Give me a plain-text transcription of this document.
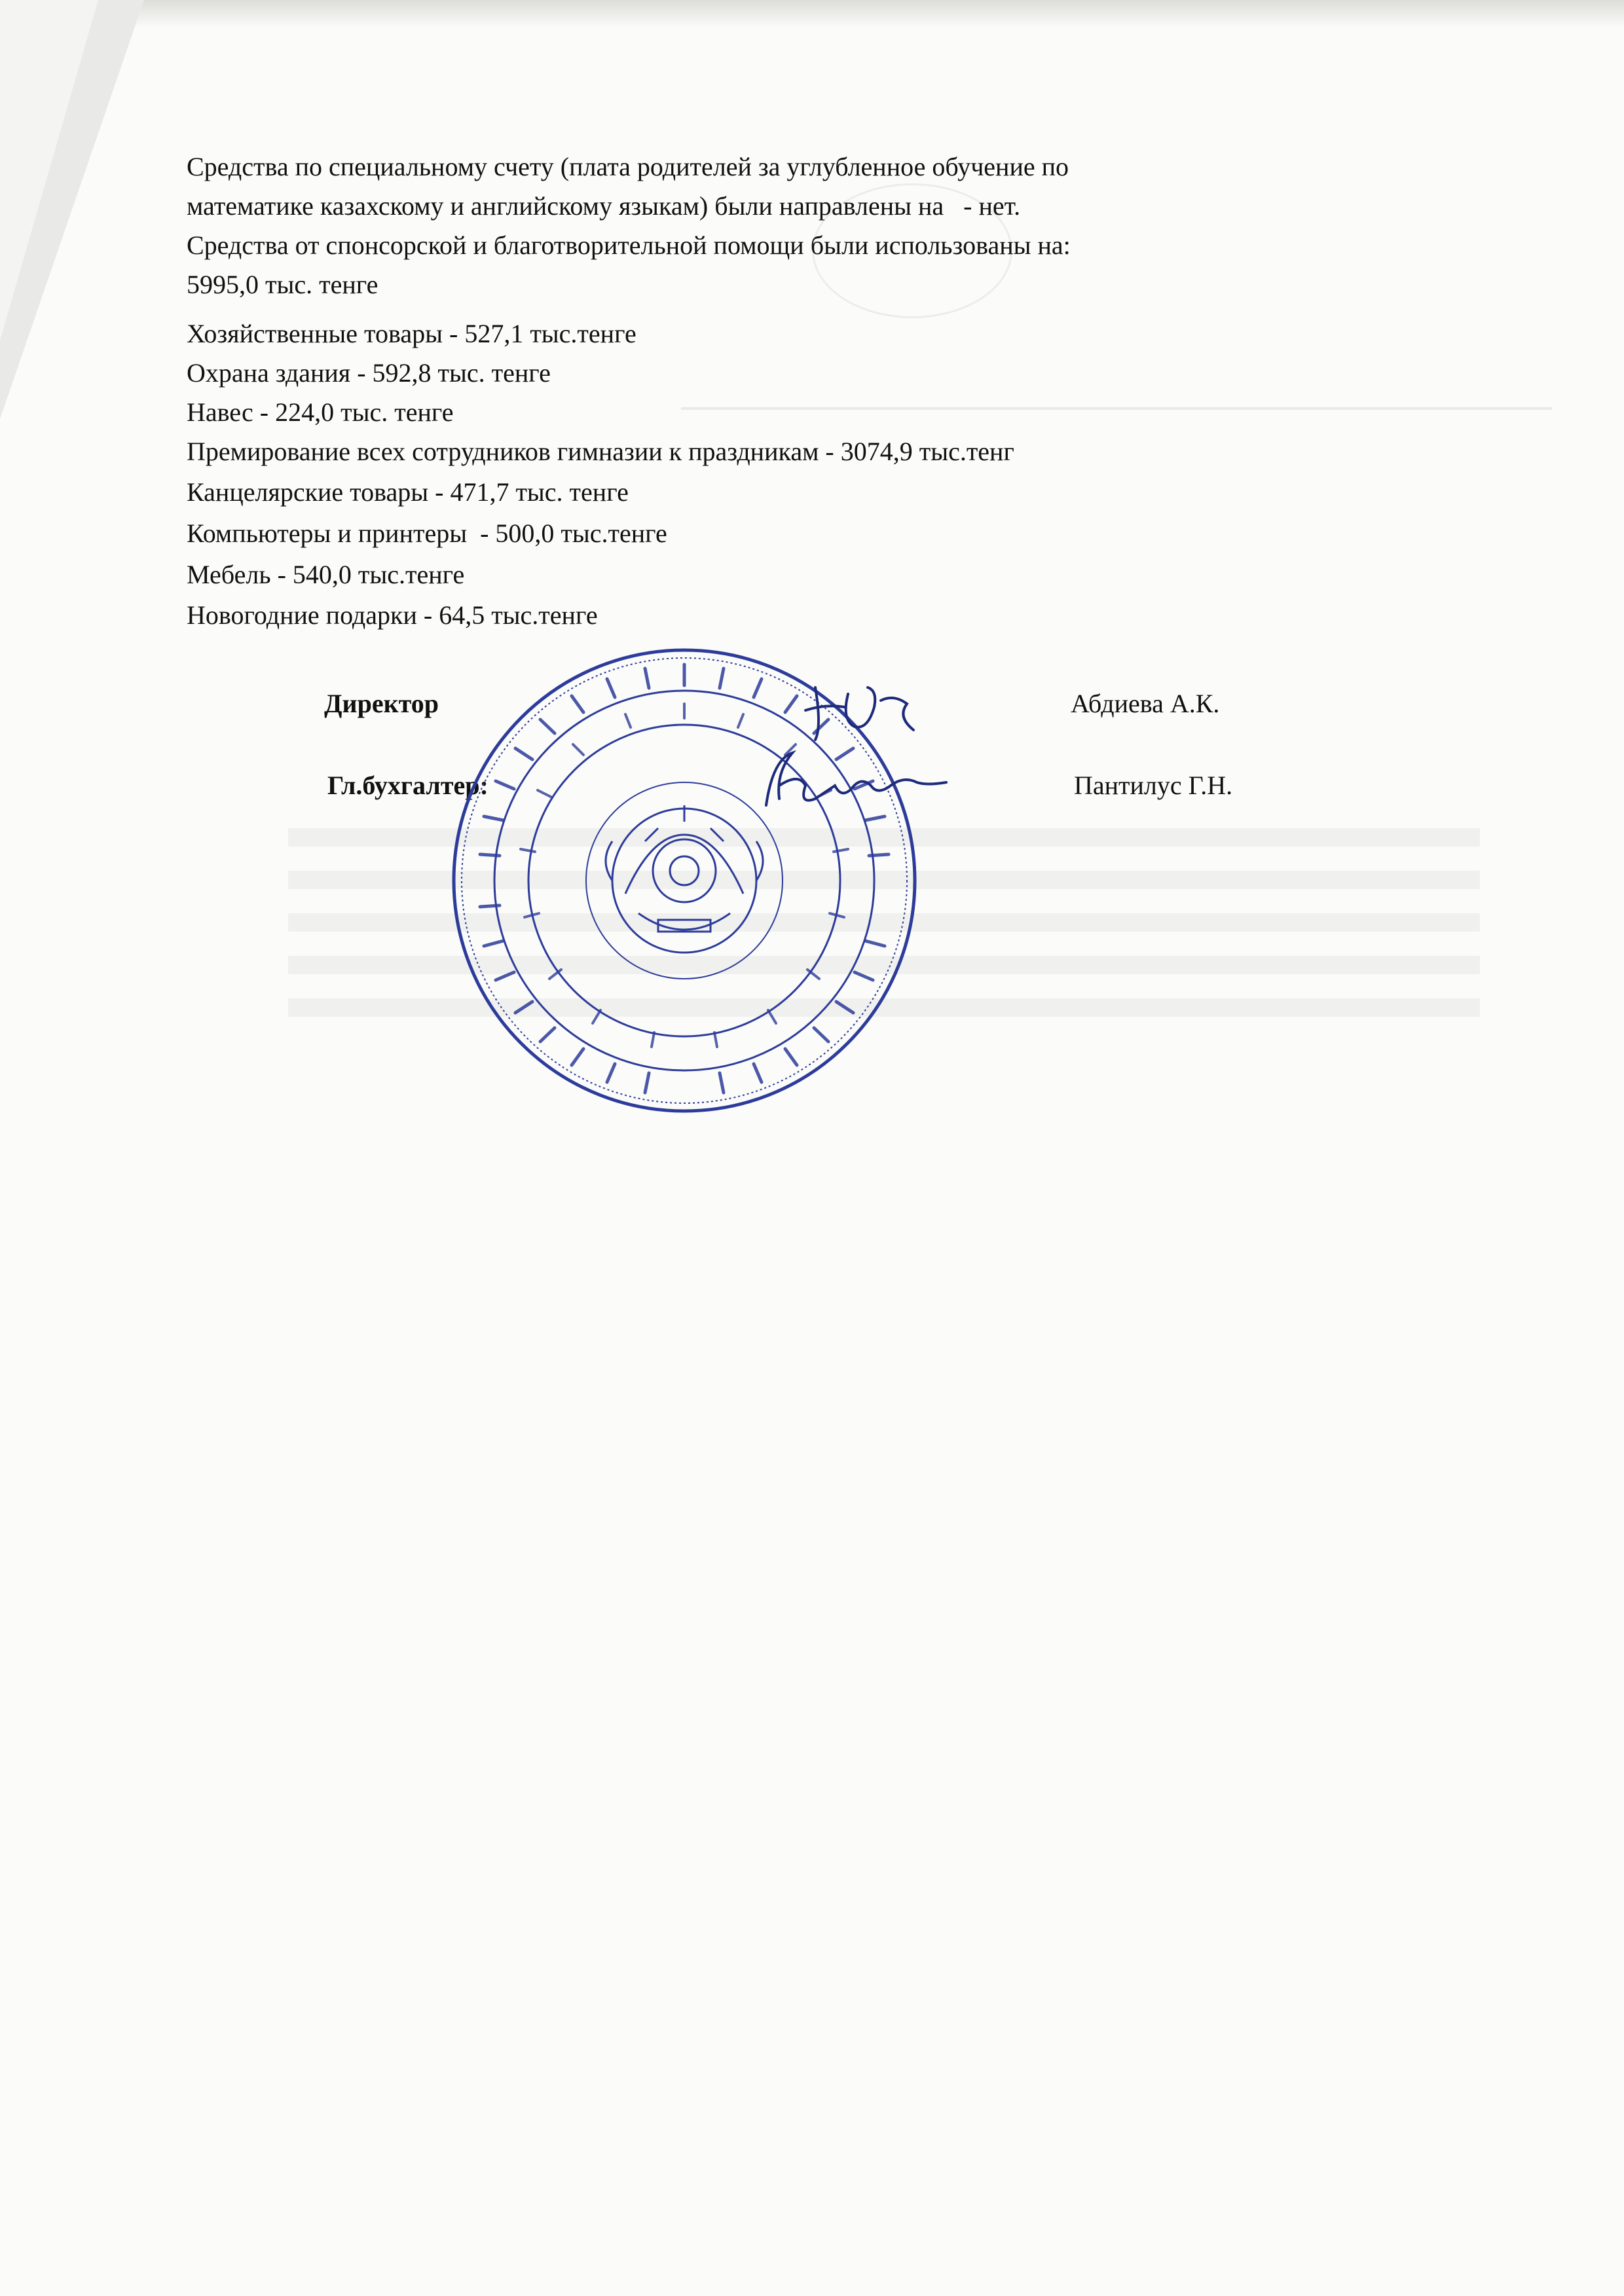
Средства по специальному счету (плата родителей за углубленное обучение по
математике казахскому и английскому языкам) были направлены на   - нет.
Средства от спонсорской и благотворительной помощи были использованы на:
5995,0 тыс. тенге
Хозяйственные товары - 527,1 тыс.тенге
Охрана здания - 592,8 тыс. тенге
Навес - 224,0 тыс. тенге
Премирование всех сотрудников гимназии к праздникам - 3074,9 тыс.тенг
Канцелярские товары - 471,7 тыс. тенге
Компьютеры и принтеры  - 500,0 тыс.тенге
Мебель - 540,0 тыс.тенге
Новогодние подарки - 64,5 тыс.тенге
Директор	Абдиева А.К.
Гл.бухгалтер:	Пантилус Г.Н.
